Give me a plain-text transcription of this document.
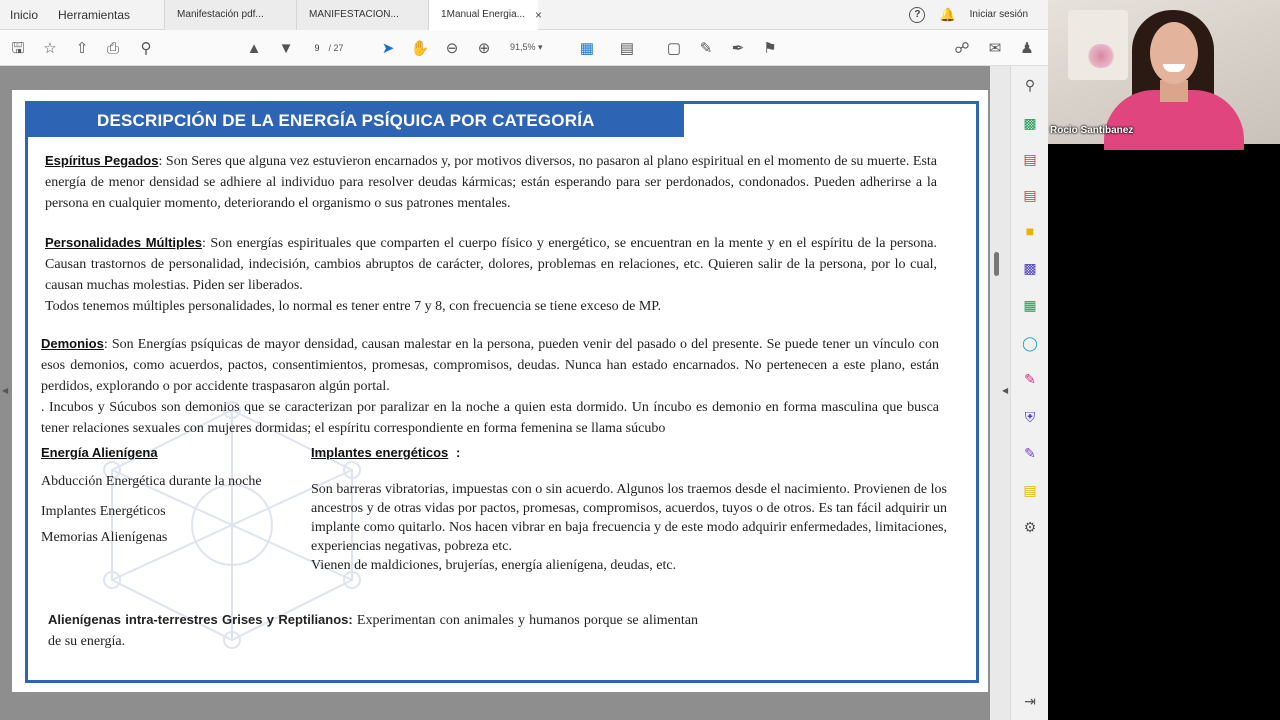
Inicio	Herramientas	Manifestación pdf...	MANIFESTACION...	1Manual Energia... ×	?	🔔 Iniciar sesión
🖫 ☆ ⇧ ⎙	⚲	▲ ▼
9	/ 27	➤ ✋ ⊖ ⊕	91,5% ▾ ▦ ▤ ▢ ✎ ✒ ⚑	☍ ✉ ♟
◀
DESCRIPCIÓN DE LA ENERGÍA PSÍQUICA POR CATEGORÍA
Espíritus Pegados: Son Seres que alguna vez estuvieron encarnados y, por motivos diversos, no pasaron al plano espiritual en el momento de su muerte. Esta energía de menor densidad se adhiere al individuo para resolver deudas kármicas; están esperando para ser perdonados, condonados. Pueden adherirse a la persona en cualquier momento, deteriorando el organismo o sus patrones mentales.
Personalidades Múltiples: Son energías espirituales que comparten el cuerpo físico y energético, se encuentran en la mente y en el espíritu de la persona. Causan trastornos de personalidad, indecisión, cambios abruptos de carácter, dolores, problemas en relaciones, etc. Quieren salir de la persona, por lo cual, causan muchas molestias. Piden ser liberados.
Todos tenemos múltiples personalidades, lo normal es tener entre 7 y 8, con frecuencia se tiene exceso de MP.
Demonios: Son Energías psíquicas de mayor densidad, causan malestar en la persona, pueden venir del pasado o del presente. Se puede tener un vínculo con esos demonios, como acuerdos, pactos, consentimientos, promesas, compromisos, deudas. Nunca han estado encarnados. No pertenecen a este plano, están perdidos, explorando o por accidente traspasaron algún portal.
. Incubos y Súcubos son demonios que se caracterizan por paralizar en la noche a quien esta dormido. Un íncubo es demonio en forma masculina que busca tener relaciones sexuales con mujeres dormidas; el espíritu correspondiente en forma femenina se llama súcubo
Energía Alienígena
Abducción Energética durante la noche
Implantes Energéticos
Memorias Alienígenas
Implantes energéticos :
Son barreras vibratorias, impuestas con o sin acuerdo. Algunos los traemos desde el nacimiento. Provienen de los ancestros y de otras vidas por pactos, promesas, compromisos, acuerdos, tuyos o de otros. Es tan fácil adquirir un implante como quitarlo. Nos hacen vibrar en baja frecuencia y de este modo adquirir enfermedades, limitaciones, experiencias negativas, pobreza etc.
Vienen de maldiciones, brujerías, energía alienígena, deudas, etc.
Alienígenas intra-terrestres Grises y Reptilianos: Experimentan con animales y humanos porque se alimentan de su energía.
◀
⚲
▩
▤
▤
■
▩
▦
◯
✎
⛨
✎
▤
⚙
⇥
Rocio Santibanez
